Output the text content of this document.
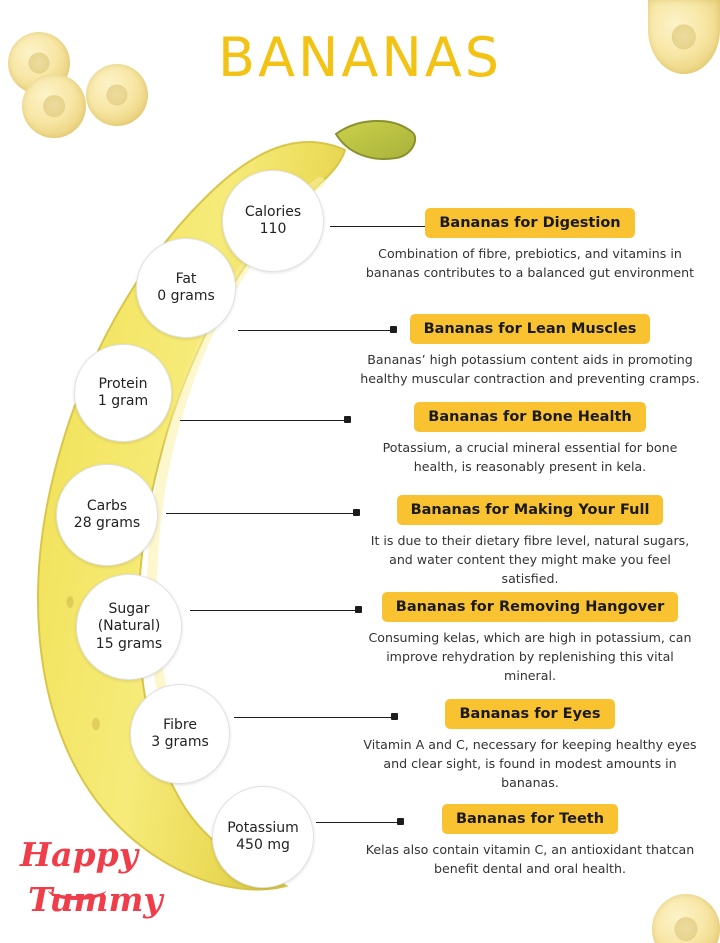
BANANAS
Calories
110
Fat
0 grams
Protein
1 gram
Carbs
28 grams
Sugar
(Natural)
15 grams
Fibre
3 grams
Potassium
450 mg
Bananas for Digestion
Combination of fibre, prebiotics, and vitamins in bananas contributes to a balanced gut environment
Bananas for Lean Muscles
Bananas’ high potassium content aids in promoting healthy muscular contraction and preventing cramps.
Bananas for Bone Health
Potassium, a crucial mineral essential for bone health, is reasonably present in kela.
Bananas for Making Your Full
It is due to their dietary fibre level, natural sugars, and water content they might make you feel satisfied.
Bananas for Removing Hangover
Consuming kelas, which are high in potassium, can improve rehydration by replenishing this vital mineral.
Bananas for Eyes
Vitamin A and C, necessary for keeping healthy eyes and clear sight, is found in modest amounts in bananas.
Bananas for Teeth
Kelas also contain vitamin C, an antioxidant thatcan benefit dental and oral health.
Happy
Tummy
